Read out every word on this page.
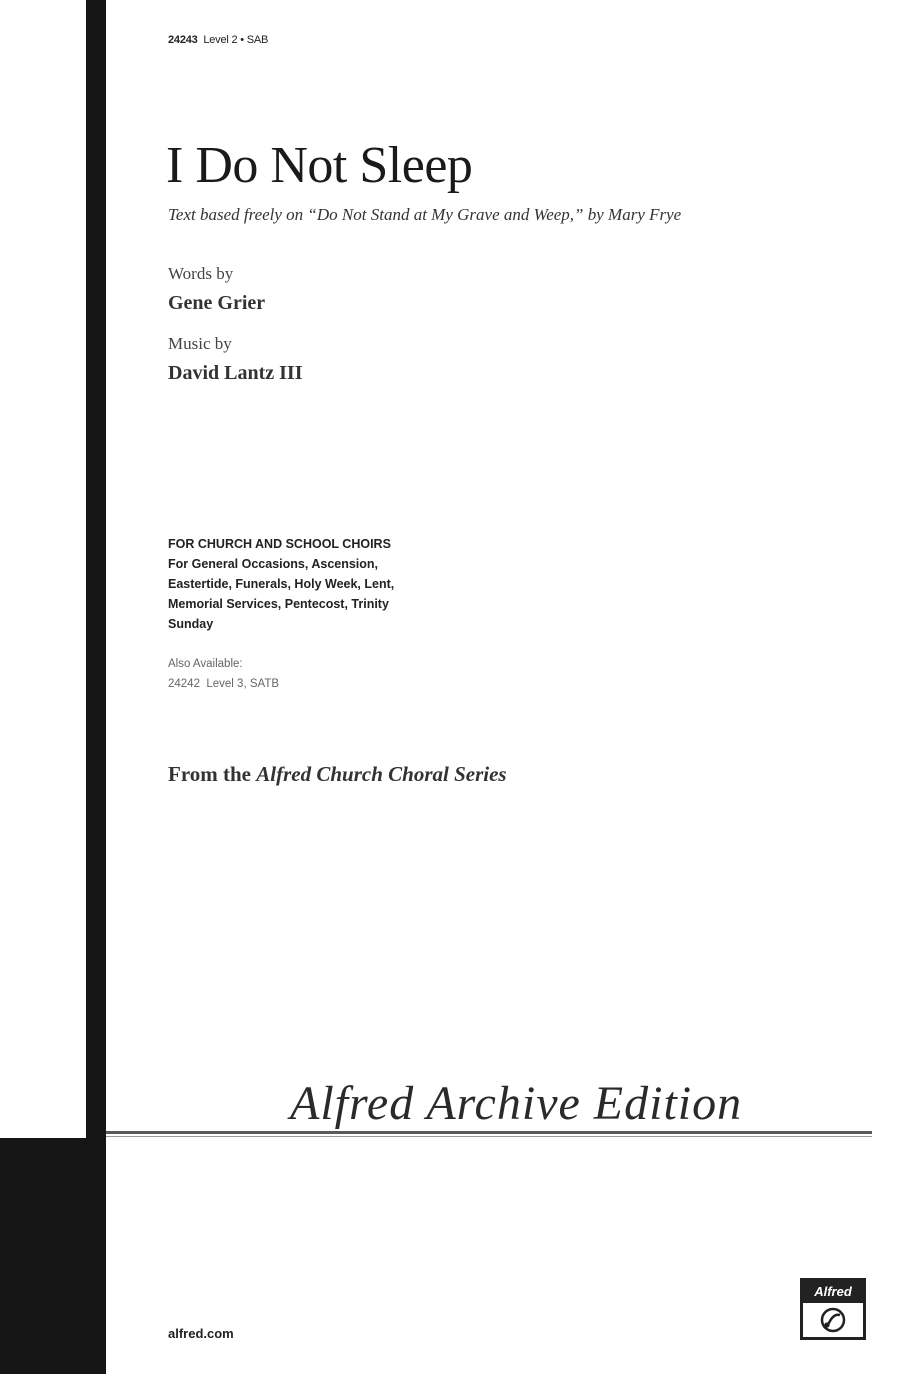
24243 Level 2 • SAB
I Do Not Sleep
Text based freely on “Do Not Stand at My Grave and Weep,” by Mary Frye
Words by
Gene Grier
Music by
David Lantz III
FOR CHURCH AND SCHOOL CHOIRS
For General Occasions, Ascension,
Eastertide, Funerals, Holy Week, Lent,
Memorial Services, Pentecost, Trinity
Sunday
Also Available:
24242  Level 3, SATB
From the Alfred Church Choral Series
Alfred Archive Edition
alfred.com
Alfred
